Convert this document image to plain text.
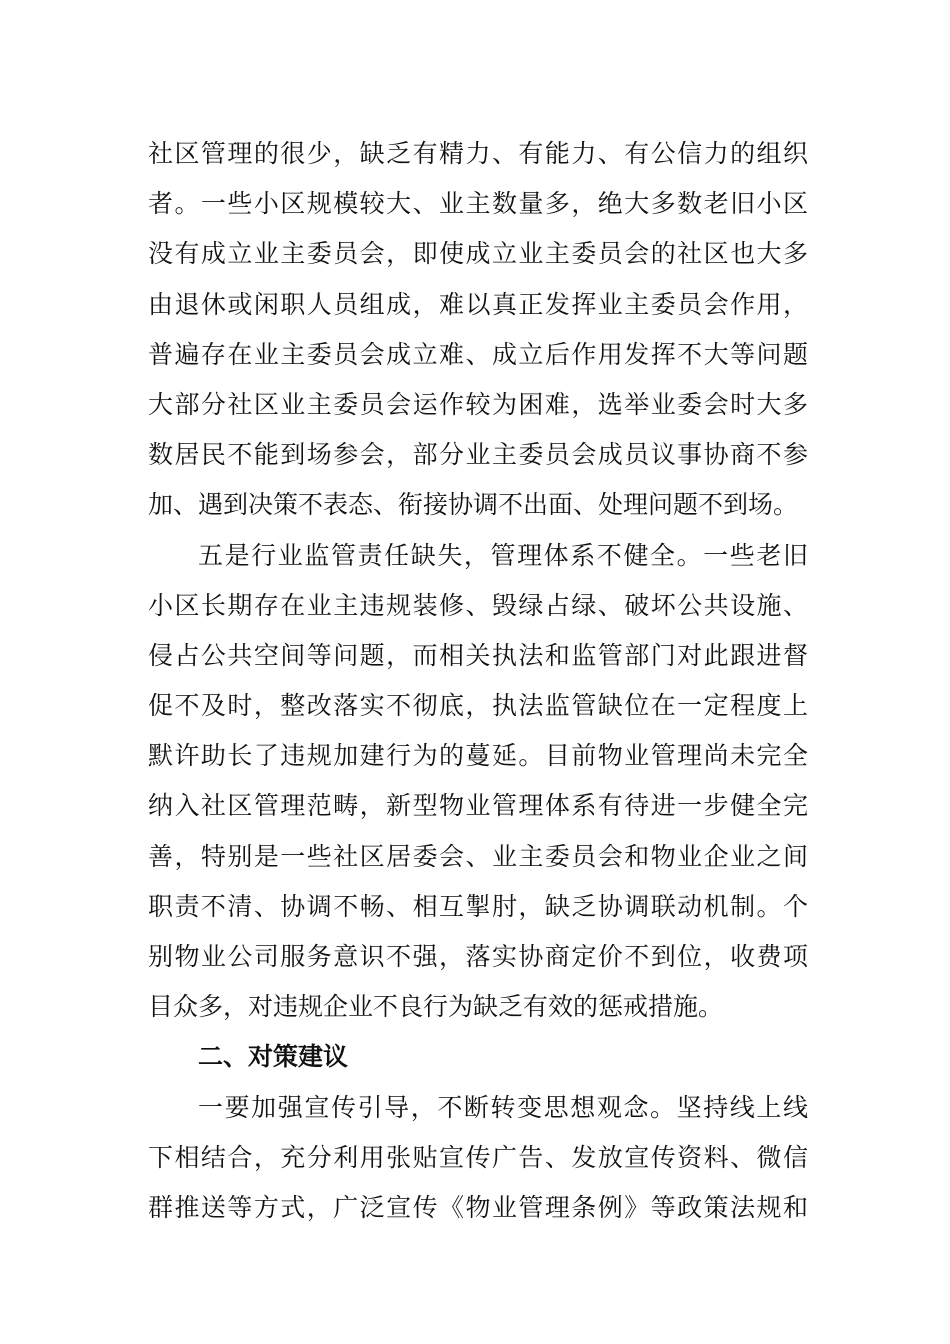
社区管理的很少，缺乏有精力、有能力、有公信力的组织
者。一些小区规模较大、业主数量多，绝大多数老旧小区
没有成立业主委员会，即使成立业主委员会的社区也大多
由退休或闲职人员组成，难以真正发挥业主委员会作用，
普遍存在业主委员会成立难、成立后作用发挥不大等问题
大部分社区业主委员会运作较为困难，选举业委会时大多
数居民不能到场参会，部分业主委员会成员议事协商不参
加、遇到决策不表态、衔接协调不出面、处理问题不到场。
五是行业监管责任缺失，管理体系不健全。一些老旧
小区长期存在业主违规装修、毁绿占绿、破坏公共设施、
侵占公共空间等问题，而相关执法和监管部门对此跟进督
促不及时，整改落实不彻底，执法监管缺位在一定程度上
默许助长了违规加建行为的蔓延。目前物业管理尚未完全
纳入社区管理范畴，新型物业管理体系有待进一步健全完
善，特别是一些社区居委会、业主委员会和物业企业之间
职责不清、协调不畅、相互掣肘，缺乏协调联动机制。个
别物业公司服务意识不强，落实协商定价不到位，收费项
目众多，对违规企业不良行为缺乏有效的惩戒措施。
二、对策建议
一要加强宣传引导，不断转变思想观念。坚持线上线
下相结合，充分利用张贴宣传广告、发放宣传资料、微信
群推送等方式，广泛宣传《物业管理条例》等政策法规和
